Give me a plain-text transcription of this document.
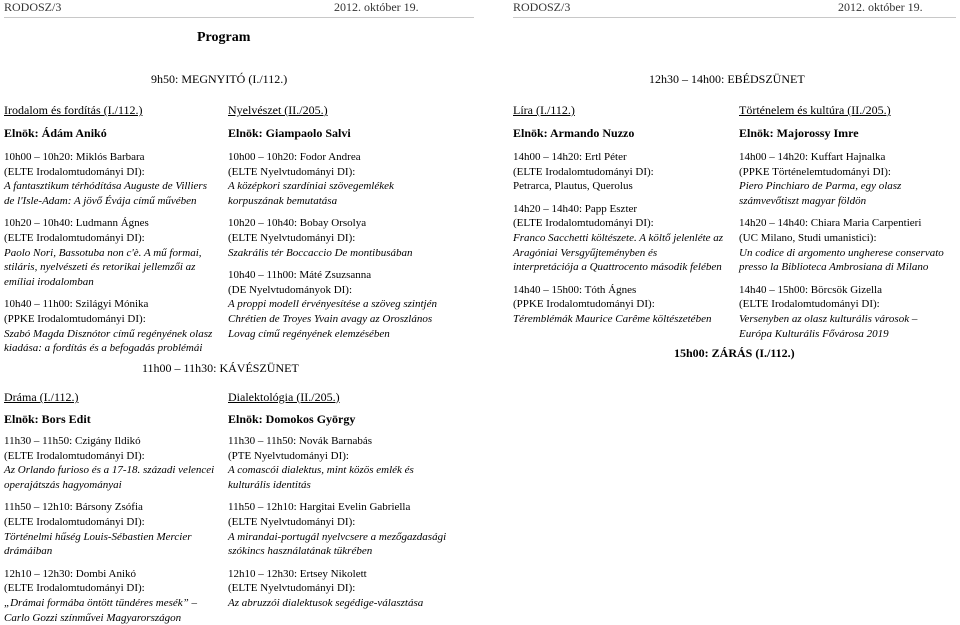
RODOSZ/3	2012. október 19.	RODOSZ/3	2012. október 19.
Program
9h50: MEGNYITÓ (I./112.)	12h30 – 14h00: EBÉDSZÜNET
Irodalom és fordítás (I./112.)
Elnök: Ádám Anikó

10h00 – 10h20: Miklós Barbara

(ELTE Irodalomtudományi DI):

A fantasztikum térhódítása Auguste de Villiers de l'Isle-Adam: A jövő Évája című művében

10h20 – 10h40: Ludmann Ágnes

(ELTE Irodalomtudományi DI):

Paolo Nori, Bassotuba non c'è. A mű formai, stiláris, nyelvészeti és retorikai jellemzői az emíliai irodalomban

10h40 – 11h00: Szilágyi Mónika

(PPKE Irodalomtudományi DI):

Szabó Magda Disznótor című regényének olasz kiadása: a fordítás és a befogadás problémái

Nyelvészet (II./205.)
Elnök: Giampaolo Salvi

10h00 – 10h20: Fodor Andrea

(ELTE Nyelvtudományi DI):

A középkori szardíniai szövegemlékek korpuszának bemutatása

10h20 – 10h40: Bobay Orsolya

(ELTE Nyelvtudományi DI):

Szakrális tér Boccaccio De montibusában

10h40 – 11h00: Máté Zsuzsanna

(DE Nyelvtudományok DI):

A proppi modell érvényesítése a szöveg szintjén Chrétien de Troyes Yvain avagy az Oroszlános Lovag című regényének elemzésében

11h00 – 11h30: KÁVÉSZÜNET
Dráma (I./112.)
Elnök: Bors Edit

11h30 – 11h50: Czigány Ildikó

(ELTE Irodalomtudományi DI):

Az Orlando furioso és a 17-18. századi velencei operajátszás hagyományai

11h50 – 12h10: Bársony Zsófia

(ELTE Irodalomtudományi DI):

Történelmi hűség Louis-Sébastien Mercier drámáiban

12h10 – 12h30: Dombi Anikó

(ELTE Irodalomtudományi DI):

„Drámai formába öntött tündéres mesék” – Carlo Gozzi színművei Magyarországon

Dialektológia (II./205.)
Elnök: Domokos György

11h30 – 11h50: Novák Barnabás

(PTE Nyelvtudományi DI):

A comascói dialektus, mint közös emlék és kulturális identitás

11h50 – 12h10: Hargitai Evelin Gabriella

(ELTE Nyelvtudományi DI):

A mirandai-portugál nyelvcsere a mezőgazdasági szókincs használatának tükrében

12h10 – 12h30: Ertsey Nikolett

(ELTE Nyelvtudományi DI):

Az abruzzói dialektusok segédige-választása

Líra (I./112.)
Elnök: Armando Nuzzo

14h00 – 14h20: Ertl Péter

(ELTE Irodalomtudományi DI):

Petrarca, Plautus, Querolus

14h20 – 14h40: Papp Eszter

(ELTE Irodalomtudományi DI):

Franco Sacchetti költészete. A költő jelenléte az Aragóniai Versgyűjteményben és interpretációja a Quattrocento második felében

14h40 – 15h00: Tóth Ágnes

(PPKE Irodalomtudományi DI):

Téremblémák Maurice Carême költészetében

Történelem és kultúra (II./205.)
Elnök: Majorossy Imre

14h00 – 14h20: Kuffart Hajnalka

(PPKE Történelemtudományi DI):

Piero Pinchiaro de Parma, egy olasz számvevőtiszt magyar földön

14h20 – 14h40: Chiara Maria Carpentieri

(UC Milano, Studi umanistici):

Un codice di argomento ungherese conservato presso la Biblioteca Ambrosiana di Milano

14h40 – 15h00: Börcsök Gizella

(ELTE Irodalomtudományi DI):

Versenyben az olasz kulturális városok – Európa Kulturális Fővárosa 2019

15h00: ZÁRÁS (I./112.)
